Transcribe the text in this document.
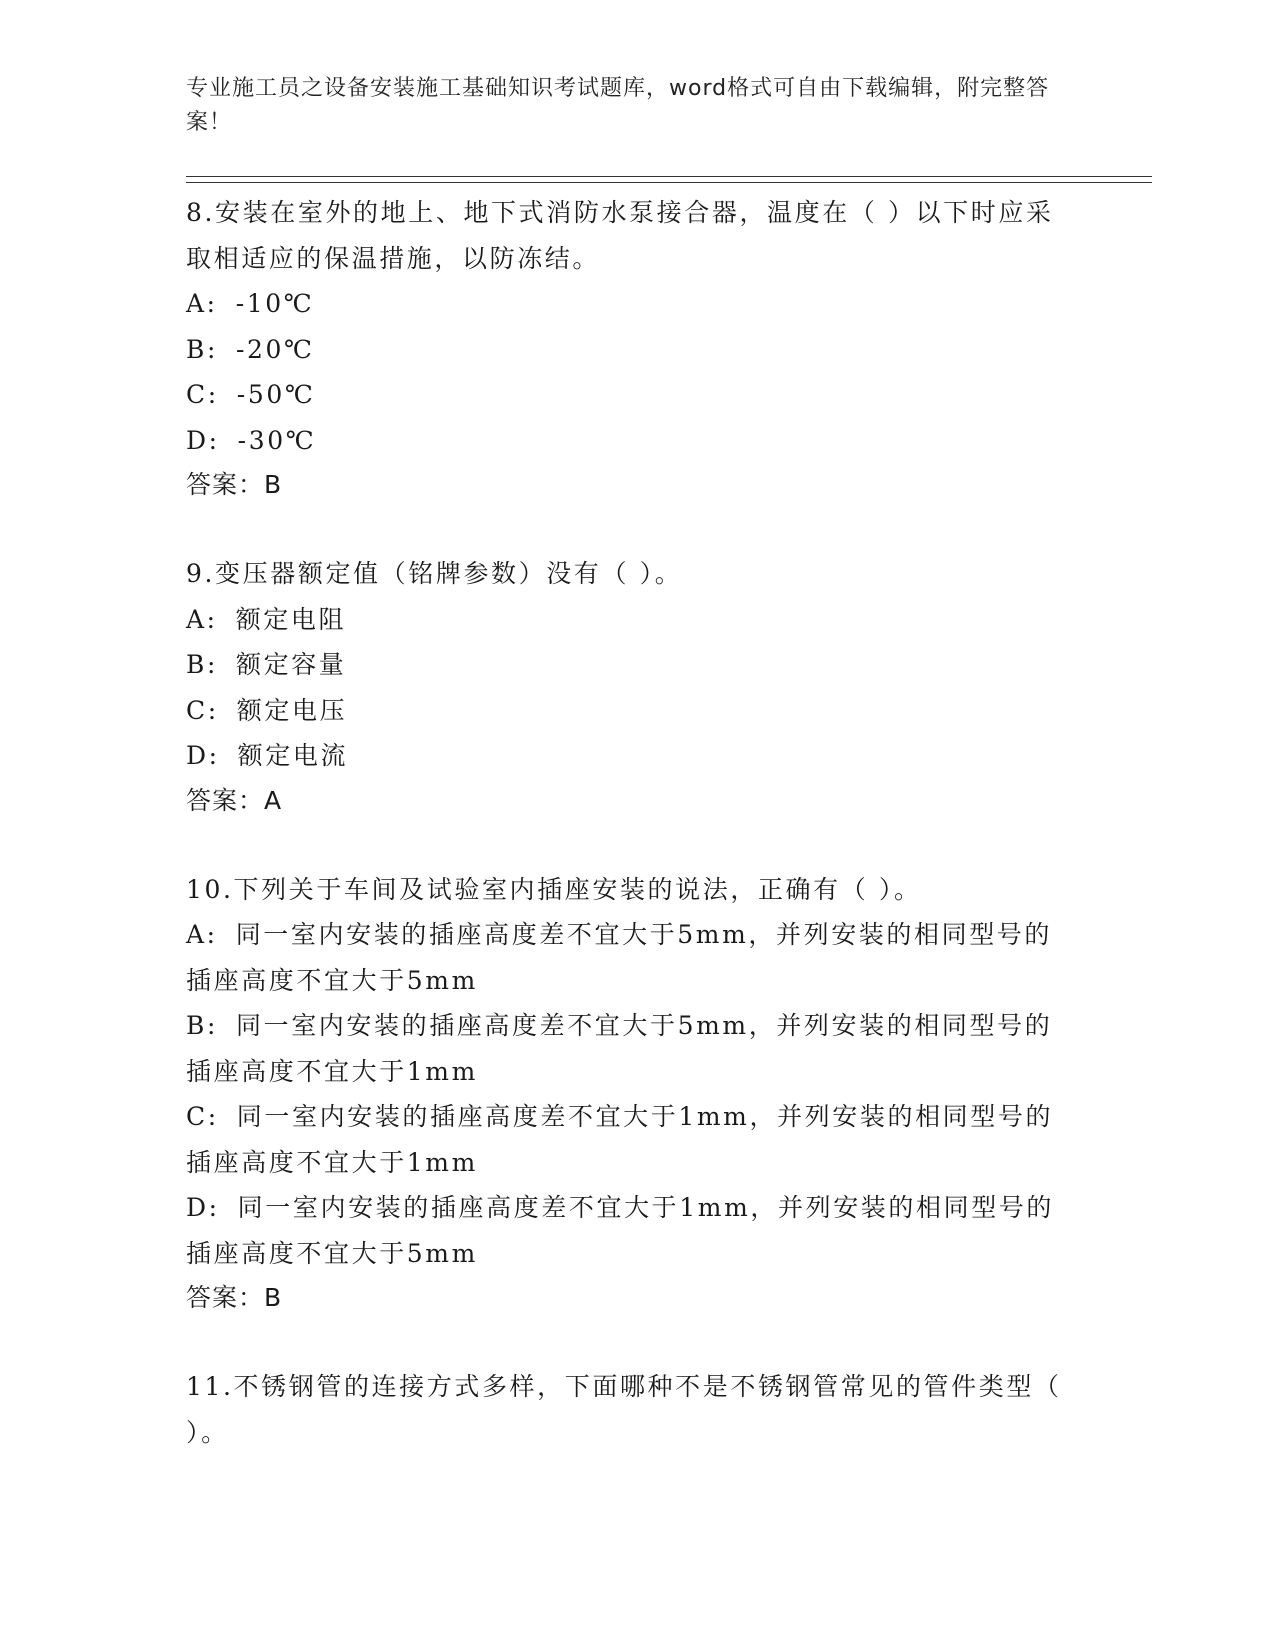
专业施工员之设备安装施工基础知识考试题库，word格式可自由下载编辑，附完整答案！

8.安装在室外的地上、地下式消防水泵接合器，温度在（ ）以下时应采取相适应的保温措施，以防冻结。

A: -10℃

B: -20℃

C: -50℃

D: -30℃

答案：B

9.变压器额定值（铭牌参数）没有（ ）。

A: 额定电阻

B: 额定容量

C: 额定电压

D: 额定电流

答案：A

10.下列关于车间及试验室内插座安装的说法，正确有（ ）。

A: 同一室内安装的插座高度差不宜大于5mm，并列安装的相同型号的插座高度不宜大于5mm

B: 同一室内安装的插座高度差不宜大于5mm，并列安装的相同型号的插座高度不宜大于1mm

C: 同一室内安装的插座高度差不宜大于1mm，并列安装的相同型号的插座高度不宜大于1mm

D: 同一室内安装的插座高度差不宜大于1mm，并列安装的相同型号的插座高度不宜大于5mm

答案：B

11.不锈钢管的连接方式多样，下面哪种不是不锈钢管常见的管件类型（ ）。
